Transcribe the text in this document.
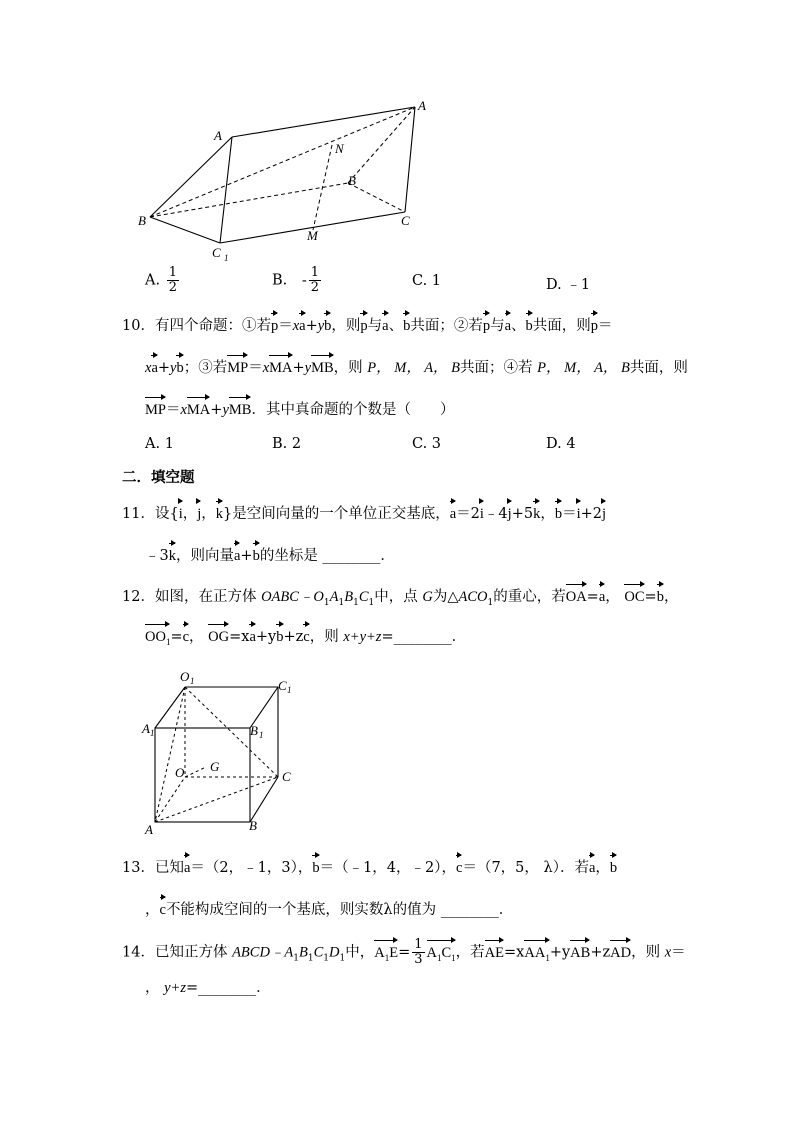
A
A
B
C 1
N
B
C
M
A. $\frac{1}{2}$	B. - $\frac{1}{2}$	C. 1	D. ﹣1
10．有四个命题：①若p＝xa+yb，则p与a、b共面；②若p与a、b共面，则p＝
xa+yb；③若MP＝xMA+yMB，则 P， M， A， B共面；④若 P， M， A， B共面，则
MP＝xMA+yMB．其中真命题的个数是（　　）
A. 1	B. 2	C. 3	D. 4
二．填空题
11．设{i，j，k}是空间向量的一个单位正交基底，a＝2i﹣4j+5k，b＝i+2j
﹣3k，则向量a+b的坐标是 ________．
12．如图，在正方体 $OABC﹣O_1A_1B_1C_1$中，点 G为$\triangle ACO_1$的重心，若OA=a， OC=b，
$OO_1=c$， OG=xa+yb+zc，则 x+y+z=________．
O 1	C 1
A 1	B 1
O G
C
A	B
13．已知a＝（2，﹣1，3），b＝（﹣1，4，﹣2），c＝（7，5， λ）．若a，b
，c不能构成空间的一个基底，则实数λ的值为 ________．
14．已知正方体 $ABCD﹣A_1B_1C_1D_1$中，$A_1E= \frac{1}{3} A_1C_1$，若AE=xAA$_1$+yAB+zAD，则 x＝
， y+z=________．
